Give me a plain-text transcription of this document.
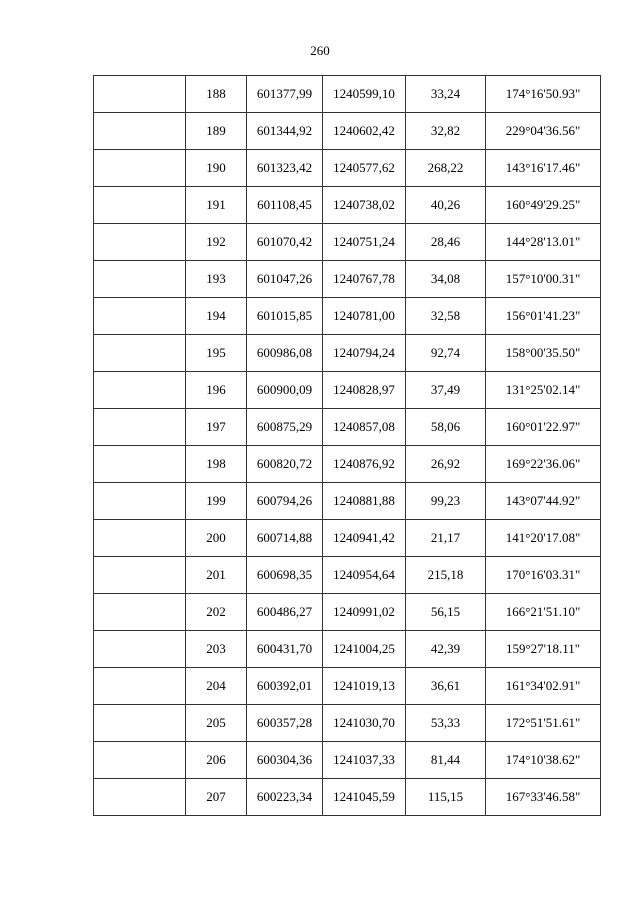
260
	188	601377,99	1240599,10	33,24	174°16'50.93"
	189	601344,92	1240602,42	32,82	229°04'36.56"
	190	601323,42	1240577,62	268,22	143°16'17.46"
	191	601108,45	1240738,02	40,26	160°49'29.25"
	192	601070,42	1240751,24	28,46	144°28'13.01"
	193	601047,26	1240767,78	34,08	157°10'00.31"
	194	601015,85	1240781,00	32,58	156°01'41.23"
	195	600986,08	1240794,24	92,74	158°00'35.50"
	196	600900,09	1240828,97	37,49	131°25'02.14"
	197	600875,29	1240857,08	58,06	160°01'22.97"
	198	600820,72	1240876,92	26,92	169°22'36.06"
	199	600794,26	1240881,88	99,23	143°07'44.92"
	200	600714,88	1240941,42	21,17	141°20'17.08"
	201	600698,35	1240954,64	215,18	170°16'03.31"
	202	600486,27	1240991,02	56,15	166°21'51.10"
	203	600431,70	1241004,25	42,39	159°27'18.11"
	204	600392,01	1241019,13	36,61	161°34'02.91"
	205	600357,28	1241030,70	53,33	172°51'51.61"
	206	600304,36	1241037,33	81,44	174°10'38.62"
	207	600223,34	1241045,59	115,15	167°33'46.58"
